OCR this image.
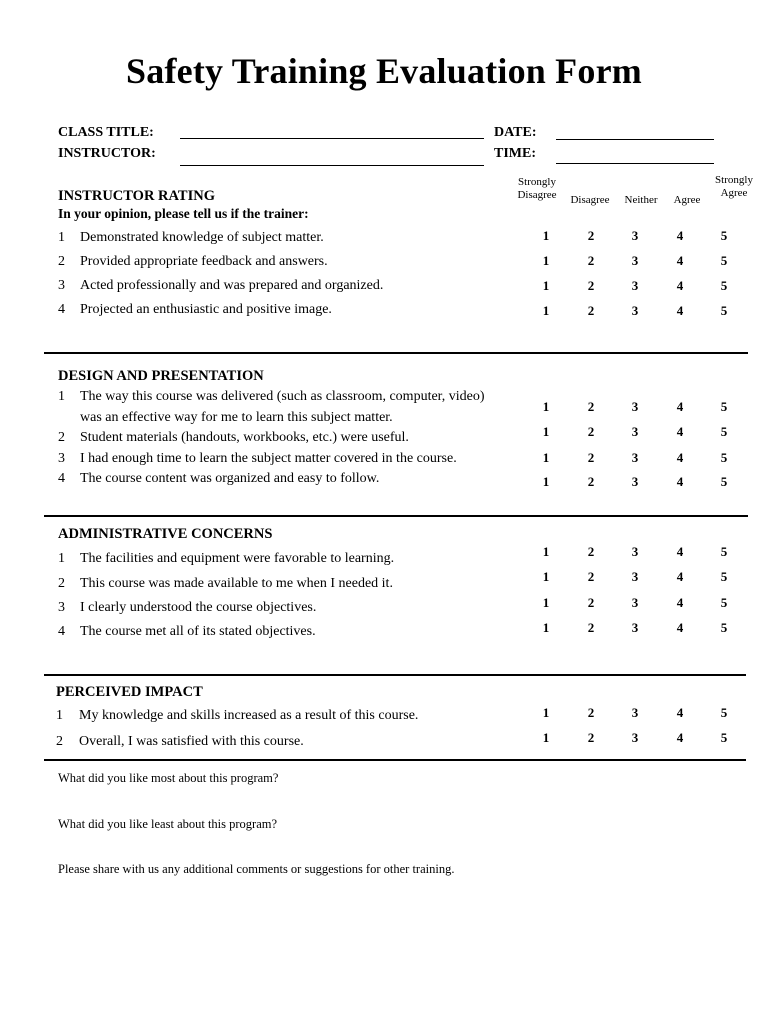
Safety Training Evaluation Form
CLASS TITLE:
INSTRUCTOR:
DATE:
TIME:
Strongly Disagree	Disagree	Neither	Agree
Strongly Agree
INSTRUCTOR RATING
In your opinion, please tell us if the trainer:
1	Demonstrated knowledge of subject matter.	1	2	3	4	5
2	Provided appropriate feedback and answers.	1	2	3	4	5
3	Acted professionally and was prepared and organized.	1	2	3	4	5
4	Projected an enthusiastic and positive image.	1	2	3	4	5
DESIGN AND PRESENTATION
1	The way this course was delivered (such as classroom, computer, video)
was an effective way for me to learn this subject matter.
1	2	3	4	5
2	Student materials (handouts, workbooks, etc.) were useful.	1	2	3	4	5
3	I had enough time to learn the subject matter covered in the course.	1	2	3	4	5
4	The course content was organized and easy to follow.	1	2	3	4	5
ADMINISTRATIVE CONCERNS
1	The facilities and equipment were favorable to learning.	1	2	3	4	5
2	This course was made available to me when I needed it.	1	2	3	4	5
3	I clearly understood the course objectives.	1	2	3	4	5
4	The course met all of its stated objectives.	1	2	3	4	5
PERCEIVED IMPACT
1	My knowledge and skills increased as a result of this course.	1	2	3	4	5
2	Overall, I was satisfied with this course.	1	2	3	4	5
What did you like most about this program?
What did you like least about this program?
Please share with us any additional comments or suggestions for other training.
